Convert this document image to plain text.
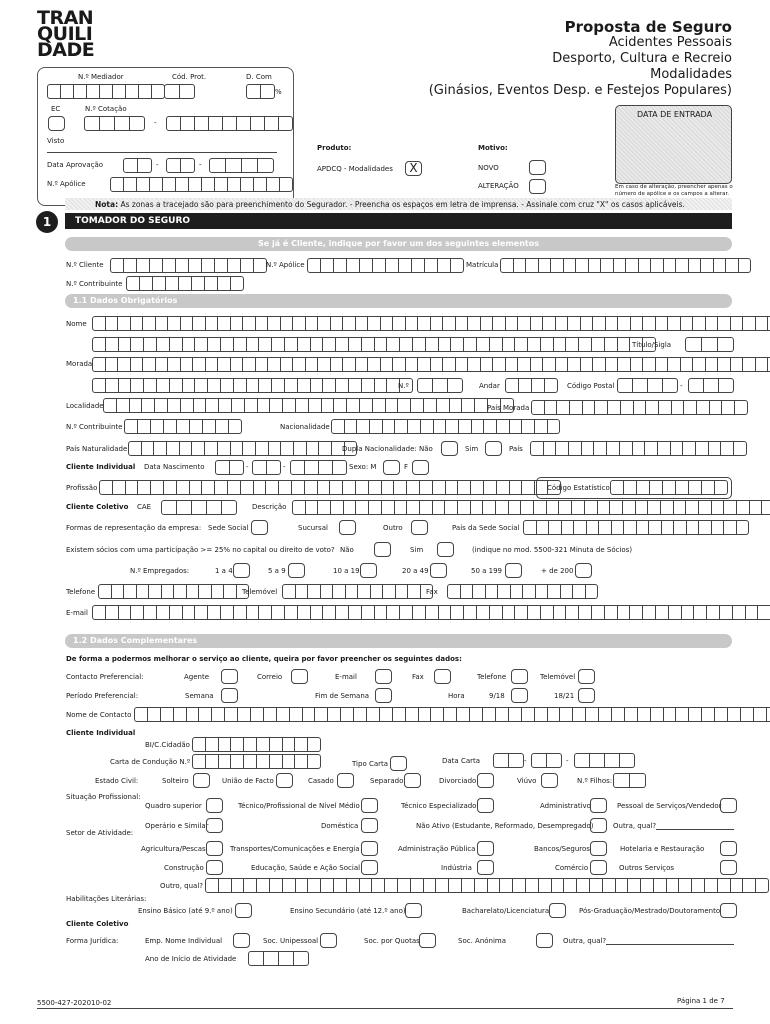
TRAN
QUILI
DADE
Proposta de Seguro
Acidentes Pessoais
Desporto, Cultura e Recreio
Modalidades
(Ginásios, Eventos Desp. e Festejos Populares)
N.º Mediador	Cód. Prot.	D. Com
%
EC	N.º Cotação
-
Visto
Data Aprovação	-	-
N.º Apólice
Produto:
APDCQ - Modalidades	X
Motivo:
NOVO
ALTERAÇÃO
DATA DE ENTRADA
Em caso de alteração, preencher apenas o número de apólice e os campos a alterar.
Nota: As zonas a tracejado são para preenchimento do Segurador. - Preencha os espaços em letra de imprensa. - Assinale com cruz "X" os casos aplicáveis.
1	TOMADOR DO SEGURO
Se já é Cliente, indique por favor um dos seguintes elementos
N.º Cliente	N.º Apólice	Matrícula
N.º Contribuinte
1.1 Dados Obrigatórios
Nome
Título/Sigla
Morada
N.º	Andar	Código Postal	-
Localidade	País Morada
N.º Contribuinte	Nacionalidade
País Naturalidade	Dupla Nacionalidade: Não	Sim	País
Cliente Individual Data Nascimento	-	-	Sexo: M	F
Profissão	Código Estatístico
Cliente Coletivo CAE	Descrição
Formas de representação da empresa: Sede Social	Sucursal	Outro	País da Sede Social
Existem sócios com uma participação >= 25% no capital ou direito de voto? Não	Sim	(indique no mod. 5500-321 Minuta de Sócios)
N.º Empregados:	1 a 4	5 a 9	10 a 19	20 a 49	50 a 199	+ de 200
Telefone	Telemóvel	Fax
E-mail
1.2 Dados Complementares
De forma a podermos melhorar o serviço ao cliente, queira por favor preencher os seguintes dados:
Contacto Preferencial:	Agente	Correio	E-mail	Fax	Telefone	Telemóvel
Período Preferencial:	Semana	Fim de Semana	Hora	9/18	18/21
Nome de Contacto
Cliente Individual
BI/C.Cidadão
Carta de Condução N.º	Tipo Carta	Data Carta	-	-
Estado Civil:	Solteiro	União de Facto	Casado	Separado	Divorciado	Viúvo	N.º Filhos:
Situação Profissional:
Quadro superior	Técnico/Profissional de Nível Médio	Técnico Especializado	Administrativo	Pessoal de Serviços/Vendedor
Setor de Atividade:
Operário e Similar	Doméstica	Não Ativo (Estudante, Reformado, Desempregado)	Outra, qual?
Agricultura/Pescas	Transportes/Comunicações e Energia	Administração Pública	Bancos/Seguros	Hotelaria e Restauração
Construção	Educação, Saúde e Ação Social	Indústria	Comércio	Outros Serviços
Outro, qual?
Habilitações Literárias:
Ensino Básico (até 9.º ano)	Ensino Secundário (até 12.º ano)	Bacharelato/Licenciatura	Pós-Graduação/Mestrado/Doutoramento
Cliente Coletivo
Forma Jurídica:	Emp. Nome Individual	Soc. Unipessoal	Soc. por Quotas	Soc. Anónima	Outra, qual?
Ano de Início de Atividade
5500-427-202010-02	Página 1 de 7
